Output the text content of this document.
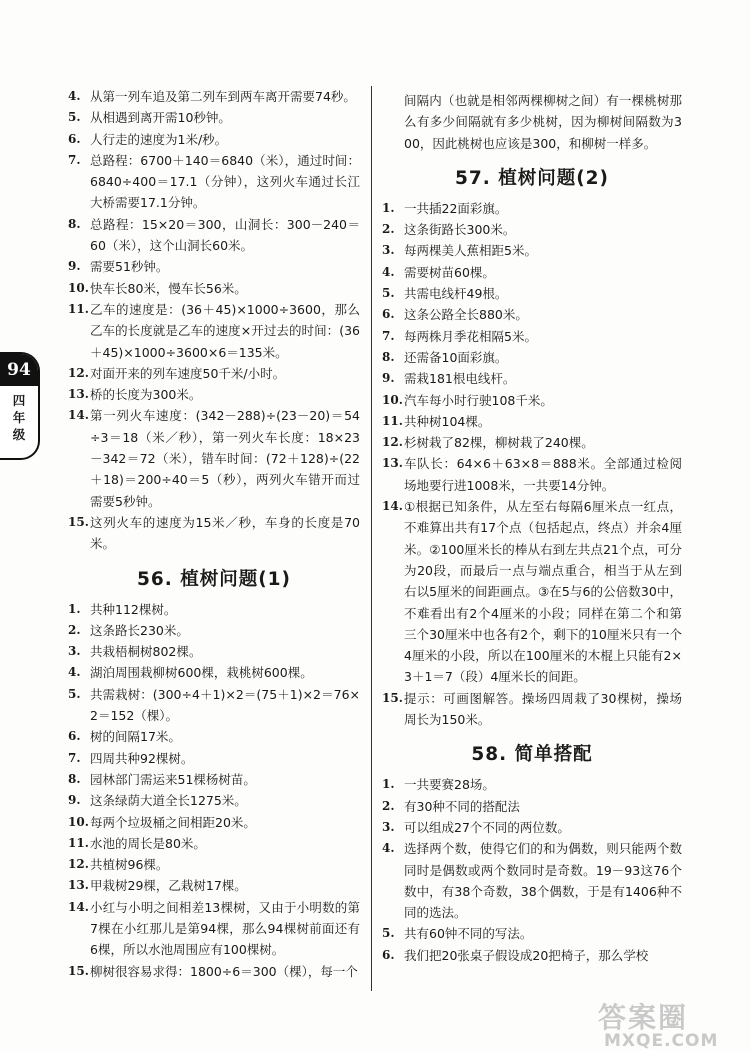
94
四年级
4. 从第一列车追及第二列车到两车离开需要74秒。
5. 从相遇到离开需10秒钟。
6. 人行走的速度为1米/秒。
7. 总路程：6700＋140＝6840（米），通过时间：6840÷400＝17.1（分钟），这列火车通过长江大桥需要17.1分钟。
8. 总路程：15×20＝300，山洞长：300－240＝60（米），这个山洞长60米。
9. 需要51秒钟。
10. 快车长80米，慢车长56米。
11. 乙车的速度是：(36＋45)×1000÷3600，那么乙车的长度就是乙车的速度×开过去的时间：(36＋45)×1000÷3600×6＝135米。
12. 对面开来的列车速度50千米/小时。
13. 桥的长度为300米。
14. 第一列火车速度：(342－288)÷(23－20)＝54÷3＝18（米／秒），第一列火车长度：18×23－342＝72（米），错车时间：(72＋128)÷(22＋18)＝200÷40＝5（秒），两列火车错开而过需要5秒钟。
15. 这列火车的速度为15米／秒，车身的长度是70米。
56. 植树问题(1)
1. 共种112棵树。
2. 这条路长230米。
3. 共栽梧桐树802棵。
4. 湖泊周围栽柳树600棵，栽桃树600棵。
5. 共需栽树：(300÷4＋1)×2＝(75＋1)×2＝76×2＝152（棵）。
6. 树的间隔17米。
7. 四周共种92棵树。
8. 园林部门需运来51棵杨树苗。
9. 这条绿荫大道全长1275米。
10. 每两个垃圾桶之间相距20米。
11. 水池的周长是80米。
12. 共植树96棵。
13. 甲栽树29棵，乙栽树17棵。
14. 小红与小明之间相差13棵树，又由于小明数的第7棵在小红那儿是第94棵，那么94棵树前面还有6棵，所以水池周围应有100棵树。
15. 柳树很容易求得：1800÷6＝300（棵），每一个
间隔内（也就是相邻两棵柳树之间）有一棵桃树那么有多少间隔就有多少桃树，因为柳树间隔数为300，因此桃树也应该是300，和柳树一样多。
57. 植树问题(2)
1. 一共插22面彩旗。
2. 这条街路长300米。
3. 每两棵美人蕉相距5米。
4. 需要树苗60棵。
5. 共需电线杆49根。
6. 这条公路全长880米。
7. 每两株月季花相隔5米。
8. 还需备10面彩旗。
9. 需栽181根电线杆。
10. 汽车每小时行驶108千米。
11. 共种树104棵。
12. 杉树栽了82棵，柳树栽了240棵。
13. 车队长：64×6＋63×8＝888米。全部通过检阅场地要行进1008米，一共要14分钟。
14. ①根据已知条件，从左至右每隔6厘米点一红点，不难算出共有17个点（包括起点，终点）并余4厘米。②100厘米长的棒从右到左共点21个点，可分为20段，而最后一点与端点重合，相当于从左到右以5厘米的间距画点。③在5与6的公倍数30中，不难看出有2个4厘米的小段；同样在第二个和第三个30厘米中也各有2个，剩下的10厘米只有一个4厘米的小段，所以在100厘米的木棍上只能有2×3＋1＝7（段）4厘米长的间距。
15. 提示：可画图解答。操场四周栽了30棵树，操场周长为150米。
58. 简单搭配
1. 一共要赛28场。
2. 有30种不同的搭配法
3. 可以组成27个不同的两位数。
4. 选择两个数，使得它们的和为偶数，则只能两个数同时是偶数或两个数同时是奇数。19－93这76个数中，有38个奇数，38个偶数，于是有1406种不同的选法。
5. 共有60钟不同的写法。
6. 我们把20张桌子假设成20把椅子，那么学校
答案圈
MXQE.COM
